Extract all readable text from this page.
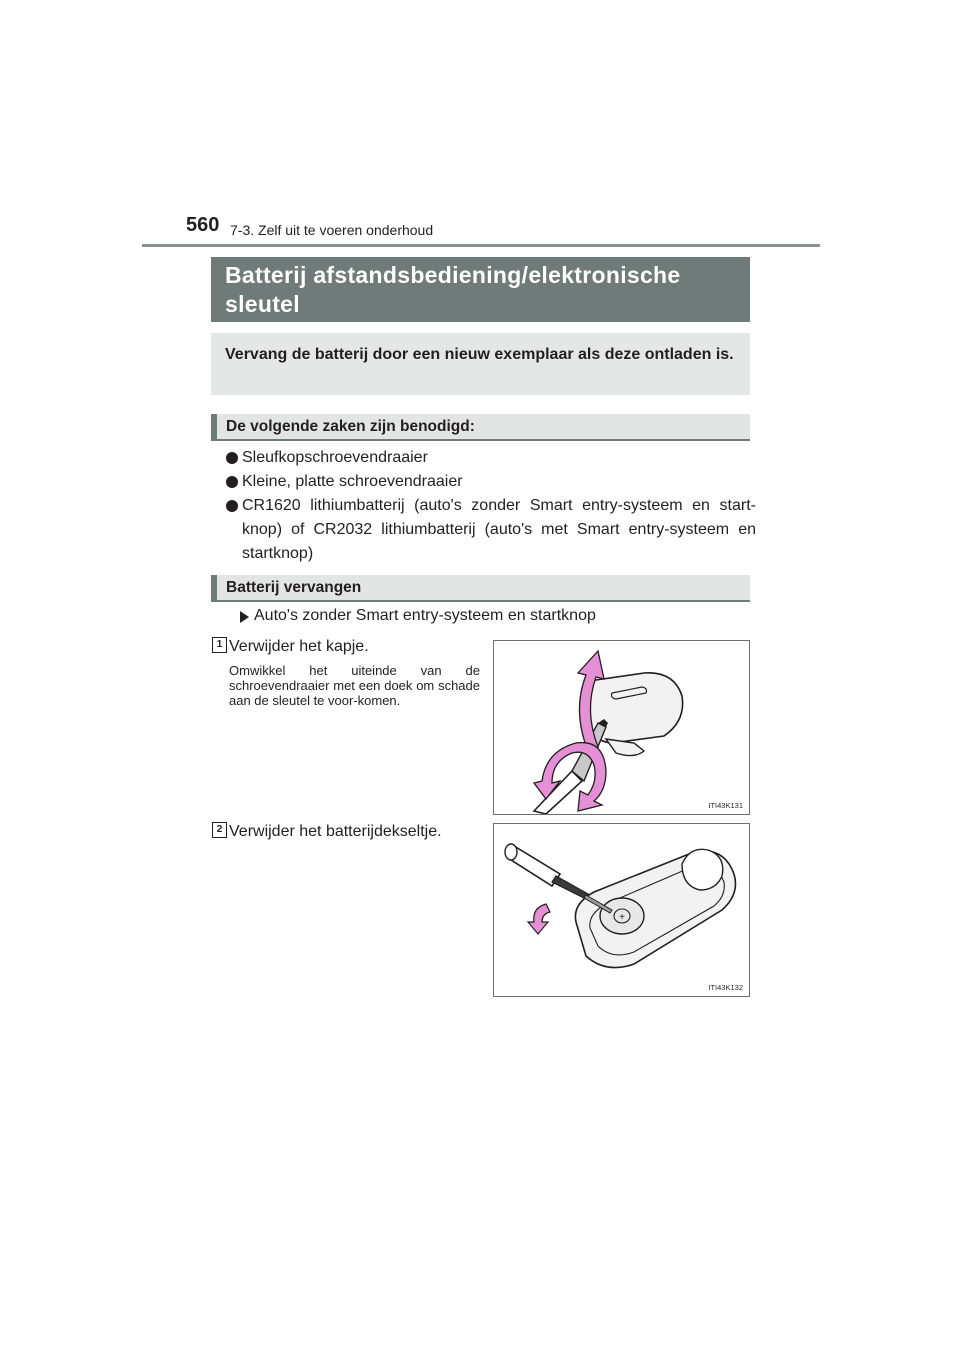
560 7-3. Zelf uit te voeren onderhoud
Batterij afstandsbediening/elektronische sleutel
Vervang de batterij door een nieuw exemplaar als deze ontladen is.
De volgende zaken zijn benodigd:
Sleufkopschroevendraaier
Kleine, platte schroevendraaier
CR1620 lithiumbatterij (auto's zonder Smart entry-systeem en start-knop) of CR2032 lithiumbatterij (auto's met Smart entry-systeem en startknop)
Batterij vervangen
Auto's zonder Smart entry-systeem en startknop
1 Verwijder het kapje.
Omwikkel het uiteinde van de schroevendraaier met een doek om schade aan de sleutel te voor-komen.
ITI43K131
2 Verwijder het batterijdekseltje.
+
ITI43K132
